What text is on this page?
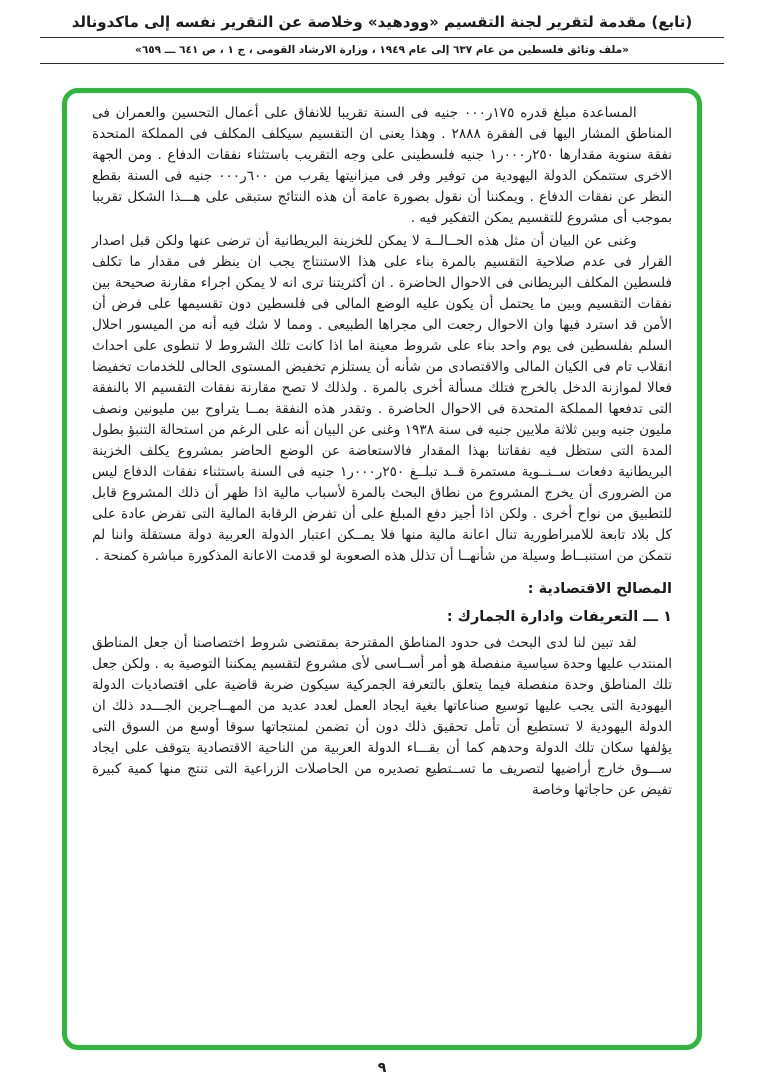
(تابع) مقدمة لتقرير لجنة التقسيم «وودهيد» وخلاصة عن التقرير نفسه إلى ماكدونالد
«ملف وثائق فلسطين من عام ٦٣٧ إلى عام ١٩٤٩ ، وزارة الارشاد القومى ، ج ١ ، ص ٦٤١ ـــ ٦٥٩»

المساعدة مبلغ قدره ١٧٥ر٠٠٠ جنيه فى السنة تقريبا للانفاق على أعمال التحسين والعمران فى المناطق المشار اليها فى الفقرة ٢٨٨٨ . وهذا يعنى ان التقسيم سيكلف المكلف فى المملكة المتحدة نفقة سنوية مقدارها ٢٥٠ر٠٠٠ر١ جنيه فلسطينى على وجه التقريب باستثناء نفقات الدفاع . ومن الجهة الاخرى ستتمكن الدولة اليهودية من توفير وفر فى ميزانيتها يقرب من ٦٠٠ر٠٠٠ جنيه فى السنة بقطع النظر عن نفقات الدفاع . ويمكننا أن نقول بصورة عامة أن هذه النتائج ستبقى على هـــذا الشكل تقريبا بموجب أى مشروع للتقسيم يمكن التفكير فيه .

وغنى عن البيان أن مثل هذه الحــالــة لا يمكن للخزينة البريطانية أن ترضى عنها ولكن قبل اصدار القرار فى عدم صلاحية التقسيم بالمرة بناء على هذا الاستنتاج يجب ان ينظر فى مقدار ما تكلف فلسطين المكلف البريطانى فى الاحوال الحاضرة . ان أكثريتنا ترى انه لا يمكن اجراء مقارنة صحيحة بين نفقات التقسيم وبين ما يحتمل أن يكون عليه الوضع المالى فى فلسطين دون تقسيمها على فرض أن الأمن قد استرد فيها وان الاحوال رجعت الى مجراها الطبيعى . ومما لا شك فيه أنه من الميسور احلال السلم بفلسطين فى يوم واحد بناء على شروط معينة اما اذا كانت تلك الشروط لا تنطوى على احداث انقلاب تام فى الكيان المالى والاقتصادى من شأنه أن يستلزم تخفيض المستوى الحالى للخدمات تخفيضا فعالا لموازنة الدخل بالخرج فتلك مسألة أخرى بالمرة . ولذلك لا تصح مقارنة نفقات التقسيم الا بالنفقة التى تدفعها المملكة المتحدة فى الاحوال الحاضرة . وتقدر هذه النفقة بمــا يتراوح بين مليونين ونصف مليون جنيه وبين ثلاثة ملايين جنيه فى سنة ١٩٣٨ وغنى عن البيان أنه على الرغم من استحالة التنبؤ بطول المدة التى ستظل فيه نفقاتنا بهذا المقدار فالاستعاضة عن الوضع الحاضر بمشروع يكلف الخزينة البريطانية دفعات ســنــوية مستمرة قــد تبلــغ ٢٥٠ر٠٠٠ر١ جنيه فى السنة باستثناء نفقات الدفاع ليس من الضرورى أن يخرج المشروع من نطاق البحث بالمرة لأسباب مالية اذا ظهر أن ذلك المشروع قابل للتطبيق من نواح أخرى . ولكن اذا أجيز دفع المبلغ على أن تفرض الرقابة المالية التى تفرض عادة على كل بلاد تابعة للامبراطورية تنال اعانة مالية منها فلا يمــكن اعتبار الدولة العربية دولة مستقلة واننا لم نتمكن من استنبــاط وسيلة من شأنهــا أن تذلل هذه الصعوبة لو قدمت الاعانة المذكورة مباشرة كمنحة .

المصالح الاقتصادية :
١ ـــ التعريفات وادارة الجمارك :

لقد تبين لنا لدى البحث فى حدود المناطق المقترحة بمقتضى شروط اختصاصنا أن جعل المناطق المنتدب عليها وحدة سياسية منفصلة هو أمر أســاسى لأى مشروع لتقسيم يمكننا التوصية به . ولكن جعل تلك المناطق وحدة منفصلة فيما يتعلق بالتعرفة الجمركية سيكون ضربة قاضية على اقتصاديات الدولة اليهودية التى يجب عليها توسيع صناعاتها بغية ايجاد العمل لعدد عديد من المهــاجرين الجـــدد ذلك ان الدولة اليهودية لا تستطيع أن تأمل تحقيق ذلك دون أن تضمن لمنتجاتها سوقا أوسع من السوق التى يؤلفها سكان تلك الدولة وحدهم كما أن بقـــاء الدولة العربية من الناحية الاقتصادية يتوقف على ايجاد ســـوق خارج أراضيها لتصريف ما تســتطيع تصديره من الحاصلات الزراعية التى تنتج منها كمية كبيرة تفيض عن حاجاتها وخاصة

٩
